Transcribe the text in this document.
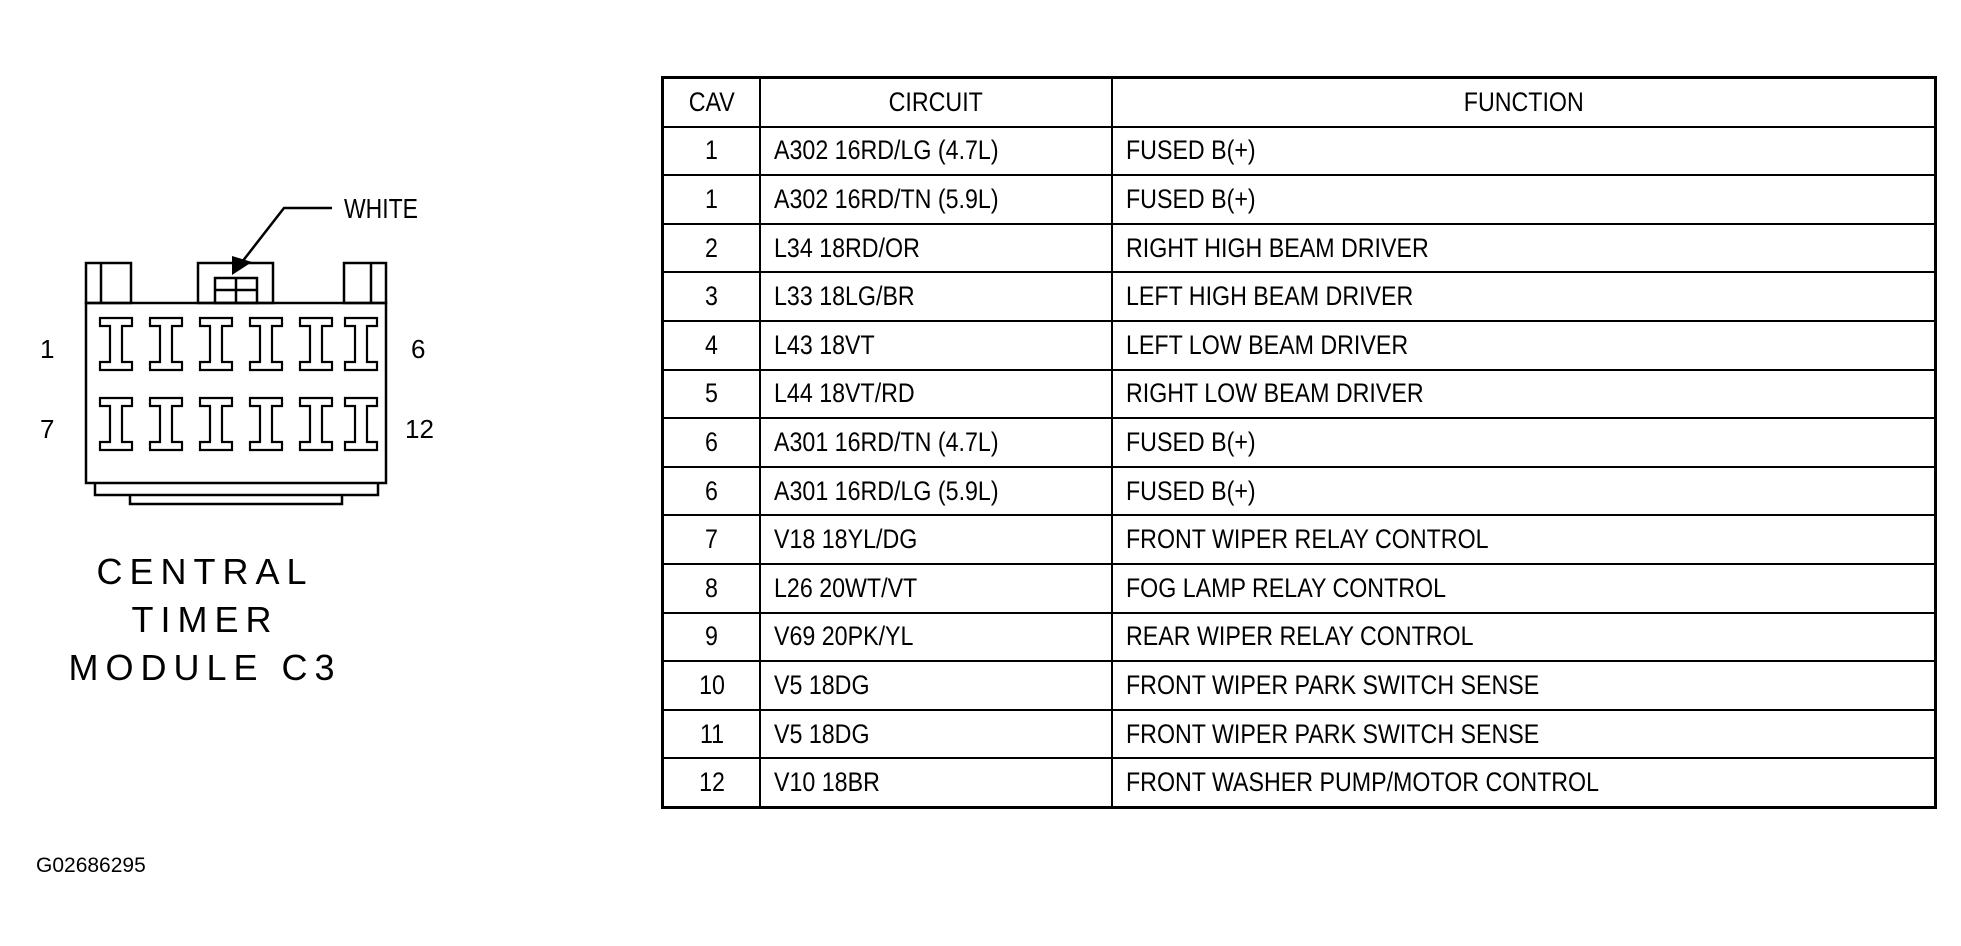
WHITE
1	6
7	12
CENTRAL TIMER
MODULE C3
G02686295
CAV	CIRCUIT	FUNCTION
1	A302 16RD/LG (4.7L)	FUSED B(+)
1	A302 16RD/TN (5.9L)	FUSED B(+)
2	L34 18RD/OR	RIGHT HIGH BEAM DRIVER
3	L33 18LG/BR	LEFT HIGH BEAM DRIVER
4	L43 18VT	LEFT LOW BEAM DRIVER
5	L44 18VT/RD	RIGHT LOW BEAM DRIVER
6	A301 16RD/TN (4.7L)	FUSED B(+)
6	A301 16RD/LG (5.9L)	FUSED B(+)
7	V18 18YL/DG	FRONT WIPER RELAY CONTROL
8	L26 20WT/VT	FOG LAMP RELAY CONTROL
9	V69 20PK/YL	REAR WIPER RELAY CONTROL
10	V5 18DG	FRONT WIPER PARK SWITCH SENSE
11	V5 18DG	FRONT WIPER PARK SWITCH SENSE
12	V10 18BR	FRONT WASHER PUMP/MOTOR CONTROL
